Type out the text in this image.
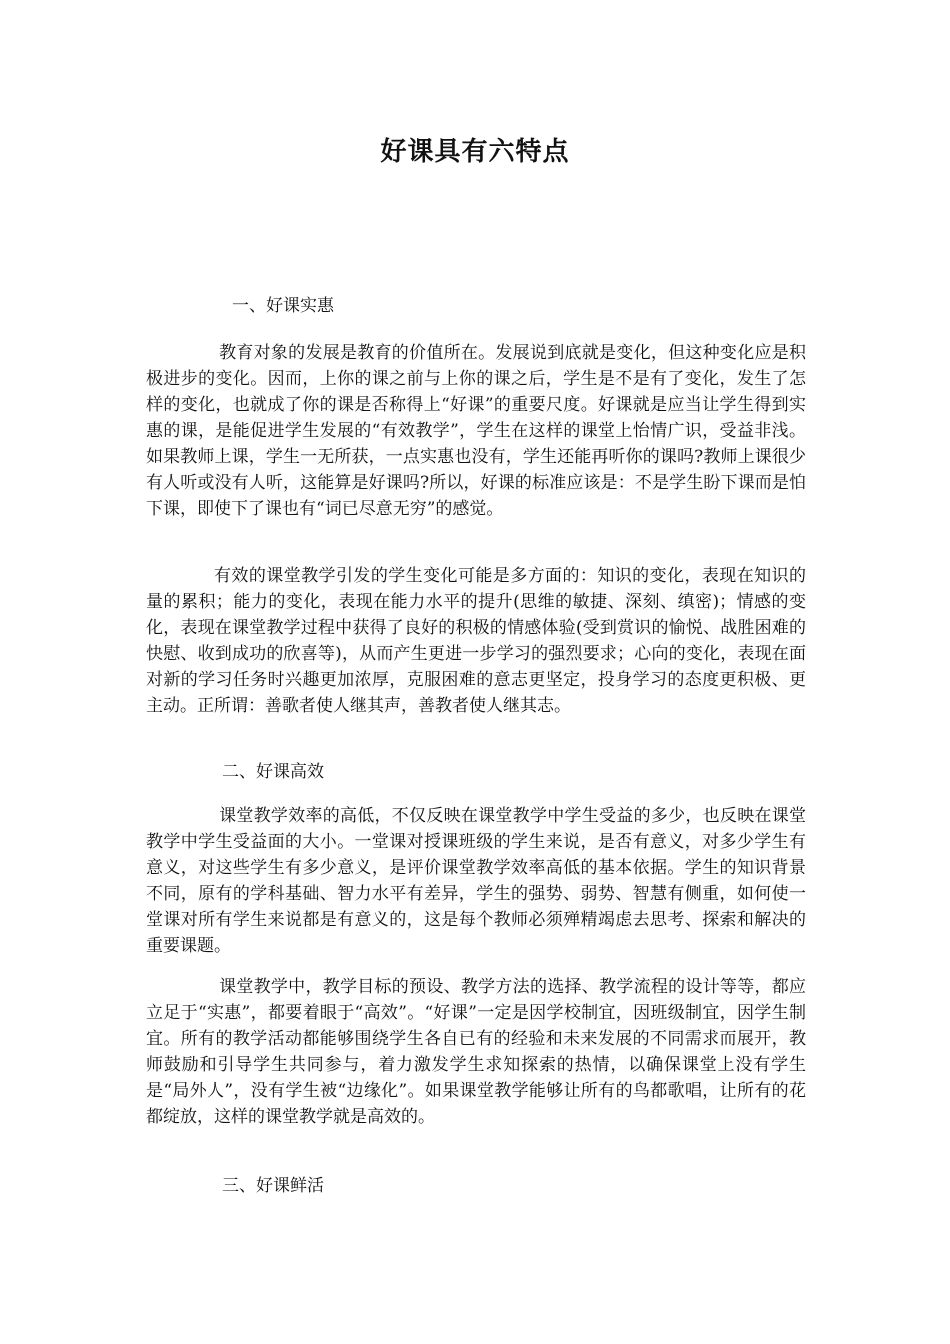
好课具有六特点
一、好课实惠

教育对象的发展是教育的价值所在。发展说到底就是变化，但这种变化应是积极进步的变化。因而，上你的课之前与上你的课之后，学生是不是有了变化，发生了怎样的变化，也就成了你的课是否称得上“好课”的重要尺度。好课就是应当让学生得到实惠的课，是能促进学生发展的“有效教学”，学生在这样的课堂上怡情广识，受益非浅。如果教师上课，学生一无所获，一点实惠也没有，学生还能再听你的课吗?教师上课很少有人听或没有人听，这能算是好课吗?所以，好课的标准应该是：不是学生盼下课而是怕下课，即使下了课也有“词已尽意无穷”的感觉。

有效的课堂教学引发的学生变化可能是多方面的：知识的变化，表现在知识的量的累积；能力的变化，表现在能力水平的提升(思维的敏捷、深刻、缜密)；情感的变化，表现在课堂教学过程中获得了良好的积极的情感体验(受到赏识的愉悦、战胜困难的快慰、收到成功的欣喜等)，从而产生更进一步学习的强烈要求；心向的变化，表现在面对新的学习任务时兴趣更加浓厚，克服困难的意志更坚定，投身学习的态度更积极、更主动。正所谓：善歌者使人继其声，善教者使人继其志。

二、好课高效

课堂教学效率的高低，不仅反映在课堂教学中学生受益的多少，也反映在课堂教学中学生受益面的大小。一堂课对授课班级的学生来说，是否有意义，对多少学生有意义，对这些学生有多少意义，是评价课堂教学效率高低的基本依据。学生的知识背景不同，原有的学科基础、智力水平有差异，学生的强势、弱势、智慧有侧重，如何使一堂课对所有学生来说都是有意义的，这是每个教师必须殚精竭虑去思考、探索和解决的重要课题。

课堂教学中，教学目标的预设、教学方法的选择、教学流程的设计等等，都应立足于“实惠”，都要着眼于“高效”。“好课”一定是因学校制宜，因班级制宜，因学生制宜。所有的教学活动都能够围绕学生各自已有的经验和未来发展的不同需求而展开，教师鼓励和引导学生共同参与，着力激发学生求知探索的热情，以确保课堂上没有学生是“局外人”，没有学生被“边缘化”。如果课堂教学能够让所有的鸟都歌唱，让所有的花都绽放，这样的课堂教学就是高效的。

三、好课鲜活
